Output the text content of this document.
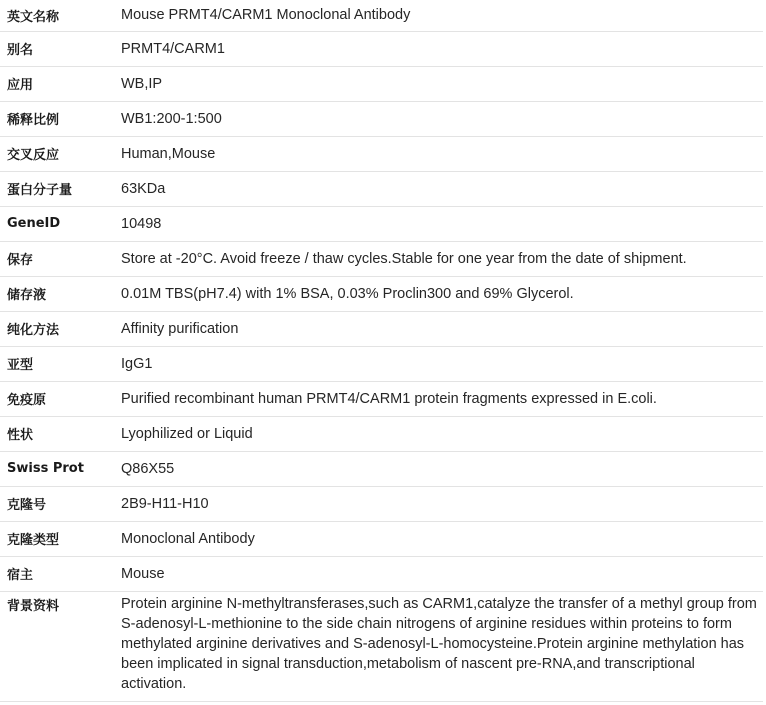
英文名称	Mouse PRMT4/CARM1 Monoclonal Antibody
别名	PRMT4/CARM1
应用	WB,IP
稀释比例	WB1:200-1:500
交叉反应	Human,Mouse
蛋白分子量	63KDa
GeneID	10498
保存	Store at -20°C. Avoid freeze / thaw cycles.Stable for one year from the date of shipment.
储存液	0.01M TBS(pH7.4) with 1% BSA, 0.03% Proclin300 and 69% Glycerol.
纯化方法	Affinity purification
亚型	IgG1
免疫原	Purified recombinant human PRMT4/CARM1 protein fragments expressed in E.coli.
性状	Lyophilized or Liquid
Swiss Prot	Q86X55
克隆号	2B9-H11-H10
克隆类型	Monoclonal Antibody
宿主	Mouse
背景资料	Protein arginine N-methyltransferases,such as CARM1,catalyze the transfer of a methyl group from S-adenosyl-L-methionine to the side chain nitrogens of arginine residues within proteins to form methylated arginine derivatives and S-adenosyl-L-homocysteine.Protein arginine methylation has been implicated in signal transduction,metabolism of nascent pre-RNA,and transcriptional activation.
